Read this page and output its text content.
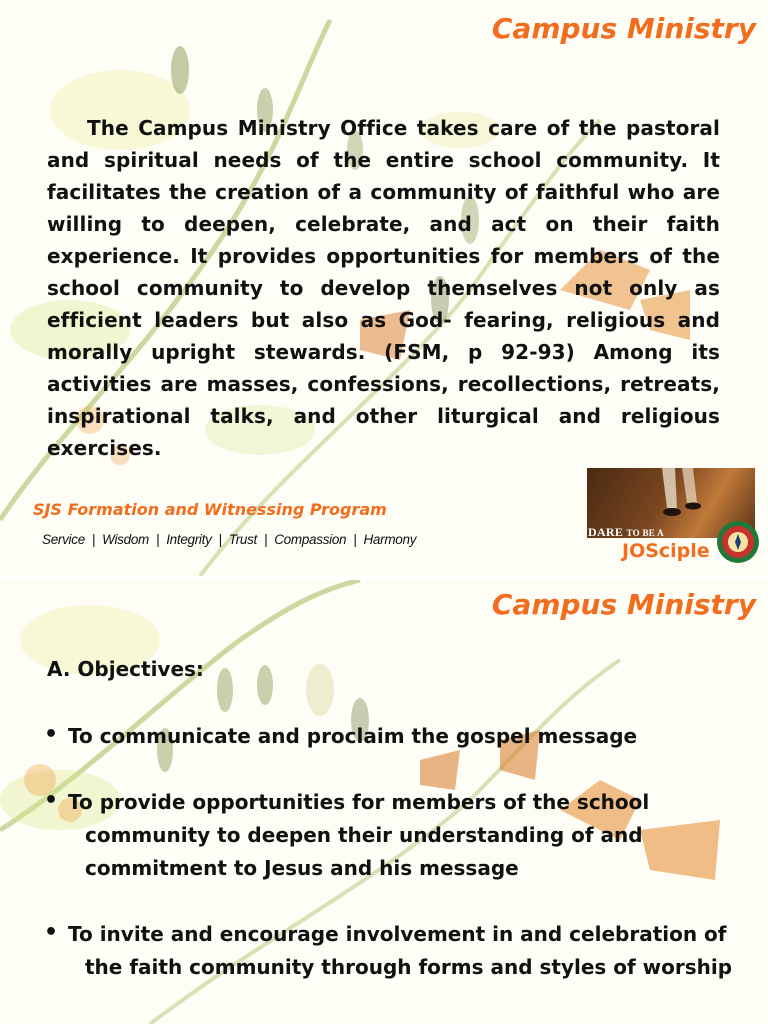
Campus Ministry
The Campus Ministry Office takes care of the pastoral and spiritual needs of the entire school community. It facilitates the creation of a community of faithful who are willing to deepen, celebrate, and act on their faith experience. It provides opportunities for members of the school community to develop themselves not only as efficient leaders but also as God- fearing, religious and morally upright stewards. (FSM, p 92-93) Among its activities are masses, confessions, recollections, retreats, inspirational talks, and other liturgical and religious exercises.
SJS Formation and Witnessing Program
Service | Wisdom | Integrity | Trust | Compassion | Harmony	DARE TO BE A
JOSciple
Campus Ministry
A. Objectives:
• To communicate and proclaim the gospel message
• To provide opportunities for members of the school
community to deepen their understanding of and commitment to Jesus and his message
• To invite and encourage involvement in and celebration of
the faith community through forms and styles of worship
